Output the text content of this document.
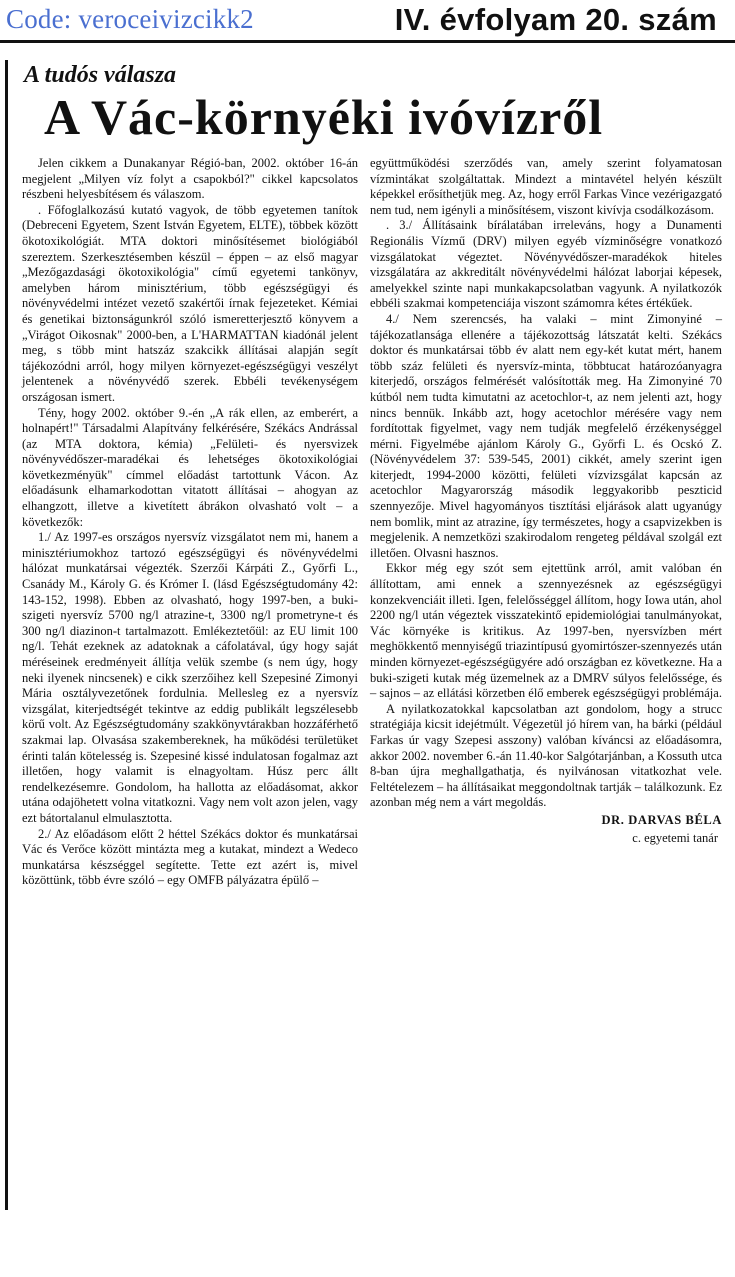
Code: veroceivizcikk2	IV. évfolyam 20. szám
A tudós válasza
A Vác-környéki ivóvízről

Jelen cikkem a Dunakanyar Régió-ban, 2002. október 16-án megjelent „Milyen víz folyt a csapokból?" cikkel kapcsolatos részbeni helyesbítésem és válaszom.

. Főfoglalkozású kutató vagyok, de több egyetemen tanítok (Debreceni Egyetem, Szent István Egyetem, ELTE), többek között ökotoxikológiát. MTA doktori minősítésemet biológiából szereztem. Szerkesztésemben készül – éppen – az első magyar „Mezőgazdasági ökotoxikológia" című egyetemi tankönyv, amelyben három minisztérium, több egészségügyi és növényvédelmi intézet vezető szakértői írnak fejezeteket. Kémiai és genetikai biztonságunkról szóló ismeretterjesztő könyvem a „Virágot Oikosnak" 2000-ben, a L'HARMATTAN kiadónál jelent meg, s több mint hatszáz szakcikk állításai alapján segít tájékozódni arról, hogy milyen környezet-egészségügyi veszélyt jelentenek a növényvédő szerek. Ebbéli tevékenységem országosan ismert.

Tény, hogy 2002. október 9.-én „A rák ellen, az emberért, a holnapért!" Társadalmi Alapítvány felkérésére, Székács Andrással (az MTA doktora, kémia) „Felületi- és nyersvizek növényvédőszer-maradékai és lehetséges ökotoxikológiai következményük" címmel előadást tartottunk Vácon. Az előadásunk elhamarkodottan vitatott állításai – ahogyan az elhangzott, illetve a kivetített ábrákon olvasható volt – a következők:

1./ Az 1997-es országos nyersvíz vizsgálatot nem mi, hanem a minisztériumokhoz tartozó egészségügyi és növényvédelmi hálózat munkatársai végezték. Szerzői Kárpáti Z., Győrfi L., Csanády M., Károly G. és Krómer I. (lásd Egészségtudomány 42: 143-152, 1998). Ebben az olvasható, hogy 1997-ben, a buki-szigeti nyersvíz 5700 ng/l atrazine-t, 3300 ng/l prometryne-t és 300 ng/l diazinon-t tartalmazott. Emlékeztetőül: az EU limit 100 ng/l. Tehát ezeknek az adatoknak a cáfolatával, úgy hogy saját méréseinek eredményeit állítja velük szembe (s nem úgy, hogy neki ilyenek nincsenek) e cikk szerzőihez kell Szepesiné Zimonyi Mária osztályvezetőnek fordulnia. Mellesleg ez a nyersvíz vizsgálat, kiterjedtségét tekintve az eddig publikált legszélesebb körű volt. Az Egészségtudomány szakkönyvtárakban hozzáférhető szakmai lap. Olvasása szakembereknek, ha működési területüket érinti talán kötelesség is. Szepesiné kissé indulatosan fogalmaz azt illetően, hogy valamit is elnagyoltam. Húsz perc állt rendelkezésemre. Gondolom, ha hallotta az előadásomat, akkor utána odajöhetett volna vitatkozni. Vagy nem volt azon jelen, vagy ezt bátortalanul elmulasztotta.

2./ Az előadásom előtt 2 héttel Székács doktor és munkatársai Vác és Verőce között mintázta meg a kutakat, mindezt a Wedeco munkatársa készséggel segítette. Tette ezt azért is, mivel közöttünk, több évre szóló – egy OMFB pályázatra épülő –

együttműködési szerződés van, amely szerint folyamatosan vízmintákat szolgáltattak. Mindezt a mintavétel helyén készült képekkel erősíthetjük meg. Az, hogy erről Farkas Vince vezérigazgató nem tud, nem igényli a minősítésem, viszont kivívja csodálkozásom.

. 3./ Állításaink bírálatában irreleváns, hogy a Dunamenti Regionális Vízmű (DRV) milyen egyéb vízminőségre vonatkozó vizsgálatokat végeztet. Növényvédőszer-maradékok hiteles vizsgálatára az akkreditált növényvédelmi hálózat laborjai képesek, amelyekkel szinte napi munkakapcsolatban vagyunk. A nyilatkozók ebbéli szakmai kompetenciája viszont számomra kétes értékűek.

4./ Nem szerencsés, ha valaki – mint Zimonyiné – tájékozatlansága ellenére a tájékozottság látszatát kelti. Székács doktor és munkatársai több év alatt nem egy-két kutat mért, hanem több száz felületi és nyersvíz-minta, többtucat határozóanyagra kiterjedő, országos felmérését valósították meg. Ha Zimonyiné 70 kútból nem tudta kimutatni az acetochlor-t, az nem jelenti azt, hogy nincs bennük. Inkább azt, hogy acetochlor mérésére vagy nem fordítottak figyelmet, vagy nem tudják megfelelő érzékenységgel mérni. Figyelmébe ajánlom Károly G., Győrfi L. és Ocskó Z. (Növényvédelem 37: 539-545, 2001) cikkét, amely szerint igen kiterjedt, 1994-2000 közötti, felületi vízvizsgálat kapcsán az acetochlor Magyarország második leggyakoribb peszticid szennyezője. Mivel hagyományos tisztítási eljárások alatt ugyanúgy nem bomlik, mint az atrazine, így természetes, hogy a csapvizekben is megjelenik. A nemzetközi szakirodalom rengeteg példával szolgál ezt illetően. Olvasni hasznos.

Ekkor még egy szót sem ejtettünk arról, amit valóban én állítottam, ami ennek a szennyezésnek az egészségügyi konzekvenciáit illeti. Igen, felelősséggel állítom, hogy Iowa után, ahol 2200 ng/l után végeztek visszatekintő epidemiológiai tanulmányokat, Vác környéke is kritikus. Az 1997-ben, nyersvízben mért meghökkentő mennyiségű triazintípusú gyomirtószer-szennyezés után minden környezet-egészségügyére adó országban ez következne. Ha a buki-szigeti kutak még üzemelnek az a DMRV súlyos felelőssége, és – sajnos – az ellátási körzetben élő emberek egészségügyi problémája.

A nyilatkozatokkal kapcsolatban azt gondolom, hogy a strucc stratégiája kicsit idejétmúlt. Végezetül jó hírem van, ha bárki (például Farkas úr vagy Szepesi asszony) valóban kíváncsi az előadásomra, akkor 2002. november 6.-án 11.40-kor Salgótarjánban, a Kossuth utca 8-ban újra meghallgathatja, és nyilvánosan vitatkozhat vele. Feltételezem – ha állításaikat meggondoltnak tartják – találkozunk. Ez azonban még nem a várt megoldás.

DR. DARVAS BÉLA
c. egyetemi tanár
